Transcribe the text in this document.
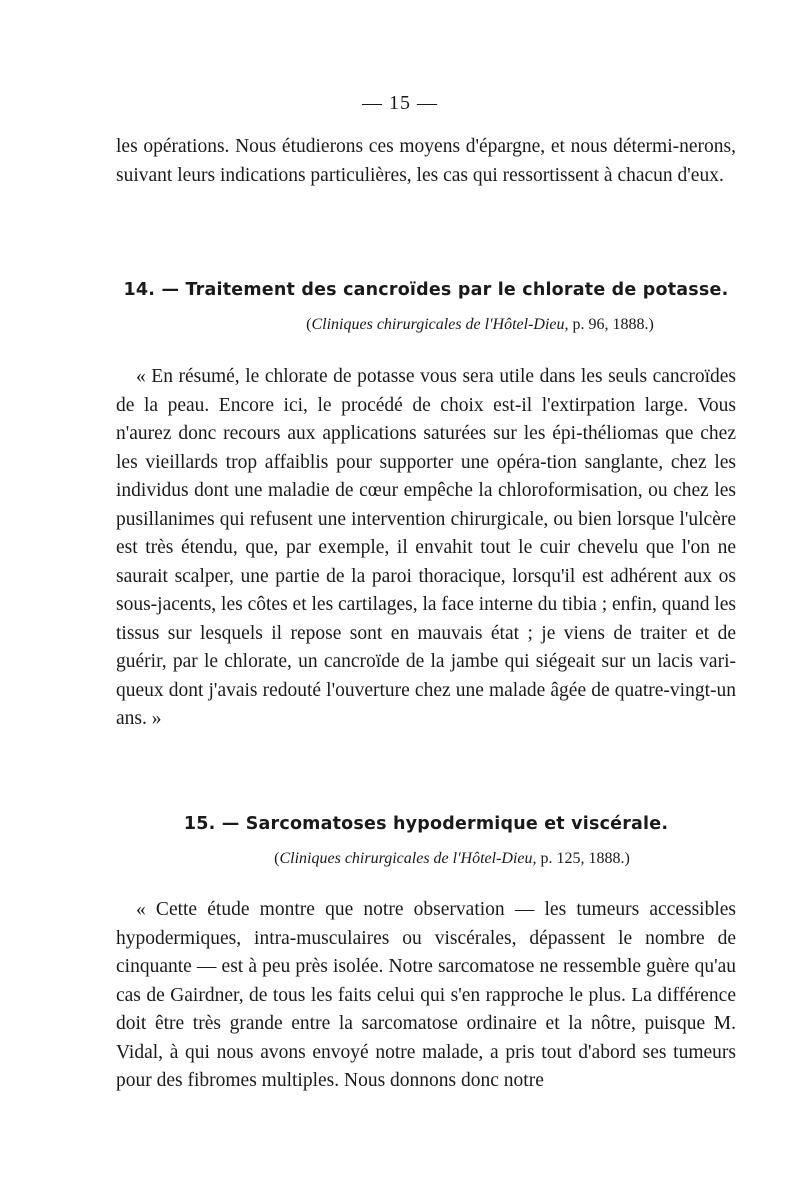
— 15 —
les opérations. Nous étudierons ces moyens d'épargne, et nous détermi-nerons, suivant leurs indications particulières, les cas qui ressortissent à chacun d'eux.
14. — Traitement des cancroïdes par le chlorate de potasse.
(Cliniques chirurgicales de l'Hôtel-Dieu, p. 96, 1888.)
« En résumé, le chlorate de potasse vous sera utile dans les seuls cancroïdes de la peau. Encore ici, le procédé de choix est-il l'extirpation large. Vous n'aurez donc recours aux applications saturées sur les épi-théliomas que chez les vieillards trop affaiblis pour supporter une opéra-tion sanglante, chez les individus dont une maladie de cœur empêche la chloroformisation, ou chez les pusillanimes qui refusent une intervention chirurgicale, ou bien lorsque l'ulcère est très étendu, que, par exemple, il envahit tout le cuir chevelu que l'on ne saurait scalper, une partie de la paroi thoracique, lorsqu'il est adhérent aux os sous-jacents, les côtes et les cartilages, la face interne du tibia ; enfin, quand les tissus sur lesquels il repose sont en mauvais état ; je viens de traiter et de guérir, par le chlorate, un cancroïde de la jambe qui siégeait sur un lacis vari-queux dont j'avais redouté l'ouverture chez une malade âgée de quatre-vingt-un ans. »
15. — Sarcomatoses hypodermique et viscérale.
(Cliniques chirurgicales de l'Hôtel-Dieu, p. 125, 1888.)
« Cette étude montre que notre observation — les tumeurs accessibles hypodermiques, intra-musculaires ou viscérales, dépassent le nombre de cinquante — est à peu près isolée. Notre sarcomatose ne ressemble guère qu'au cas de Gairdner, de tous les faits celui qui s'en rapproche le plus. La différence doit être très grande entre la sarcomatose ordinaire et la nôtre, puisque M. Vidal, à qui nous avons envoyé notre malade, a pris tout d'abord ses tumeurs pour des fibromes multiples. Nous donnons donc notre
